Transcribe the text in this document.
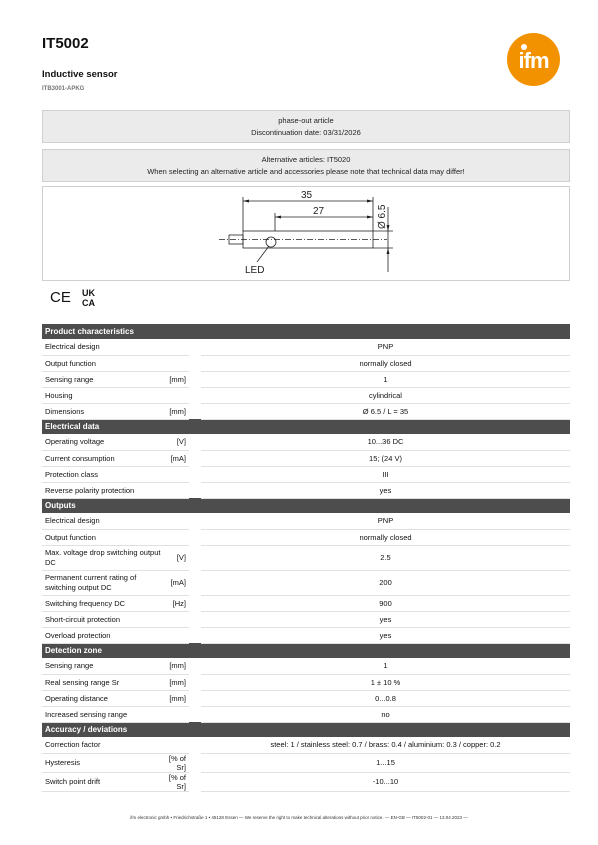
IT5002
Inductive sensor
ITB3001-APKG
ifm
phase-out article
Discontinuation date: 03/31/2026
Alternative articles: IT5020
When selecting an alternative article and accessories please note that technical data may differ!
35
27	Ø 6.5
LED
CE UK
CA
Product characteristics			
Electrical design			PNP
Output function			normally closed
Sensing range	[mm]		1
Housing			cylindrical
Dimensions	[mm]		Ø 6.5 / L = 35
Electrical data			
Operating voltage	[V]		10...36 DC
Current consumption	[mA]		15; (24 V)
Protection class			III
Reverse polarity protection			yes
Outputs			
Electrical design			PNP
Output function			normally closed
Max. voltage drop switching output DC	[V]		2.5
Permanent current rating of switching output DC	[mA]		200
Switching frequency DC	[Hz]		900
Short-circuit protection			yes
Overload protection			yes
Detection zone			
Sensing range	[mm]		1
Real sensing range Sr	[mm]		1 ± 10 %
Operating distance	[mm]		0...0.8
Increased sensing range			no
Accuracy / deviations			
Correction factor			steel: 1 / stainless steel: 0.7 / brass: 0.4 / aluminium: 0.3 / copper: 0.2
Hysteresis	[% of Sr]		1...15
Switch point drift	[% of Sr]		-10...10
ifm electronic gmbh • Friedrichstraße 1 • 45128 Essen — We reserve the right to make technical alterations without prior notice. — EN-GB — IT5002-01 — 13.04.2023 —
